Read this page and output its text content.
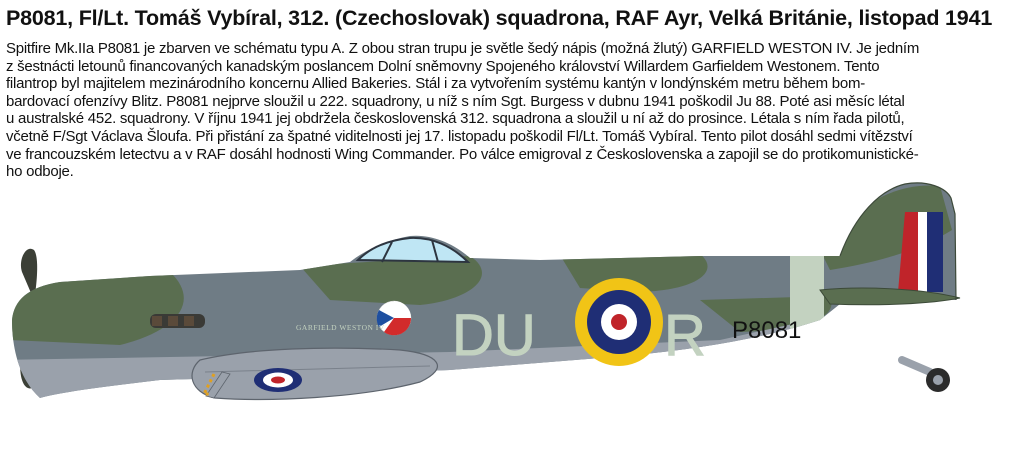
P8081, Fl/Lt. Tomáš Vybíral, 312. (Czechoslovak) squadrona, RAF Ayr, Velká Británie, listopad 1941
Spitfire Mk.IIa P8081 je zbarven ve schématu typu A. Z obou stran trupu je světle šedý nápis (možná žlutý) GARFIELD WESTON IV. Je jedním
z šestnácti letounů financovaných kanadským poslancem Dolní sněmovny Spojeného království Willardem Garfieldem Westonem. Tento
filantrop byl majitelem mezinárodního koncernu Allied Bakeries. Stál i za vytvořením systému kantýn v londýnském metru během bom-
bardovací ofenzívy Blitz. P8081 nejprve sloužil u 222. squadrony, u níž s ním Sgt. Burgess v dubnu 1941 poškodil Ju 88. Poté asi měsíc létal
u australské 452. squadrony. V říjnu 1941 jej obdržela československá 312. squadrona a sloužil u ní až do prosince. Létala s ním řada pilotů,
včetně F/Sgt Václava Šloufa. Při přistání za špatné viditelnosti jej 17. listopadu poškodil Fl/Lt. Tomáš Vybíral. Tento pilot dosáhl sedmi vítězství
ve francouzském letectvu a v RAF dosáhl hodnosti Wing Commander. Po válce emigroval z Československa a zapojil se do protikomunistické-
ho odboje.
DU R P8081
GARFIELD WESTON IV
